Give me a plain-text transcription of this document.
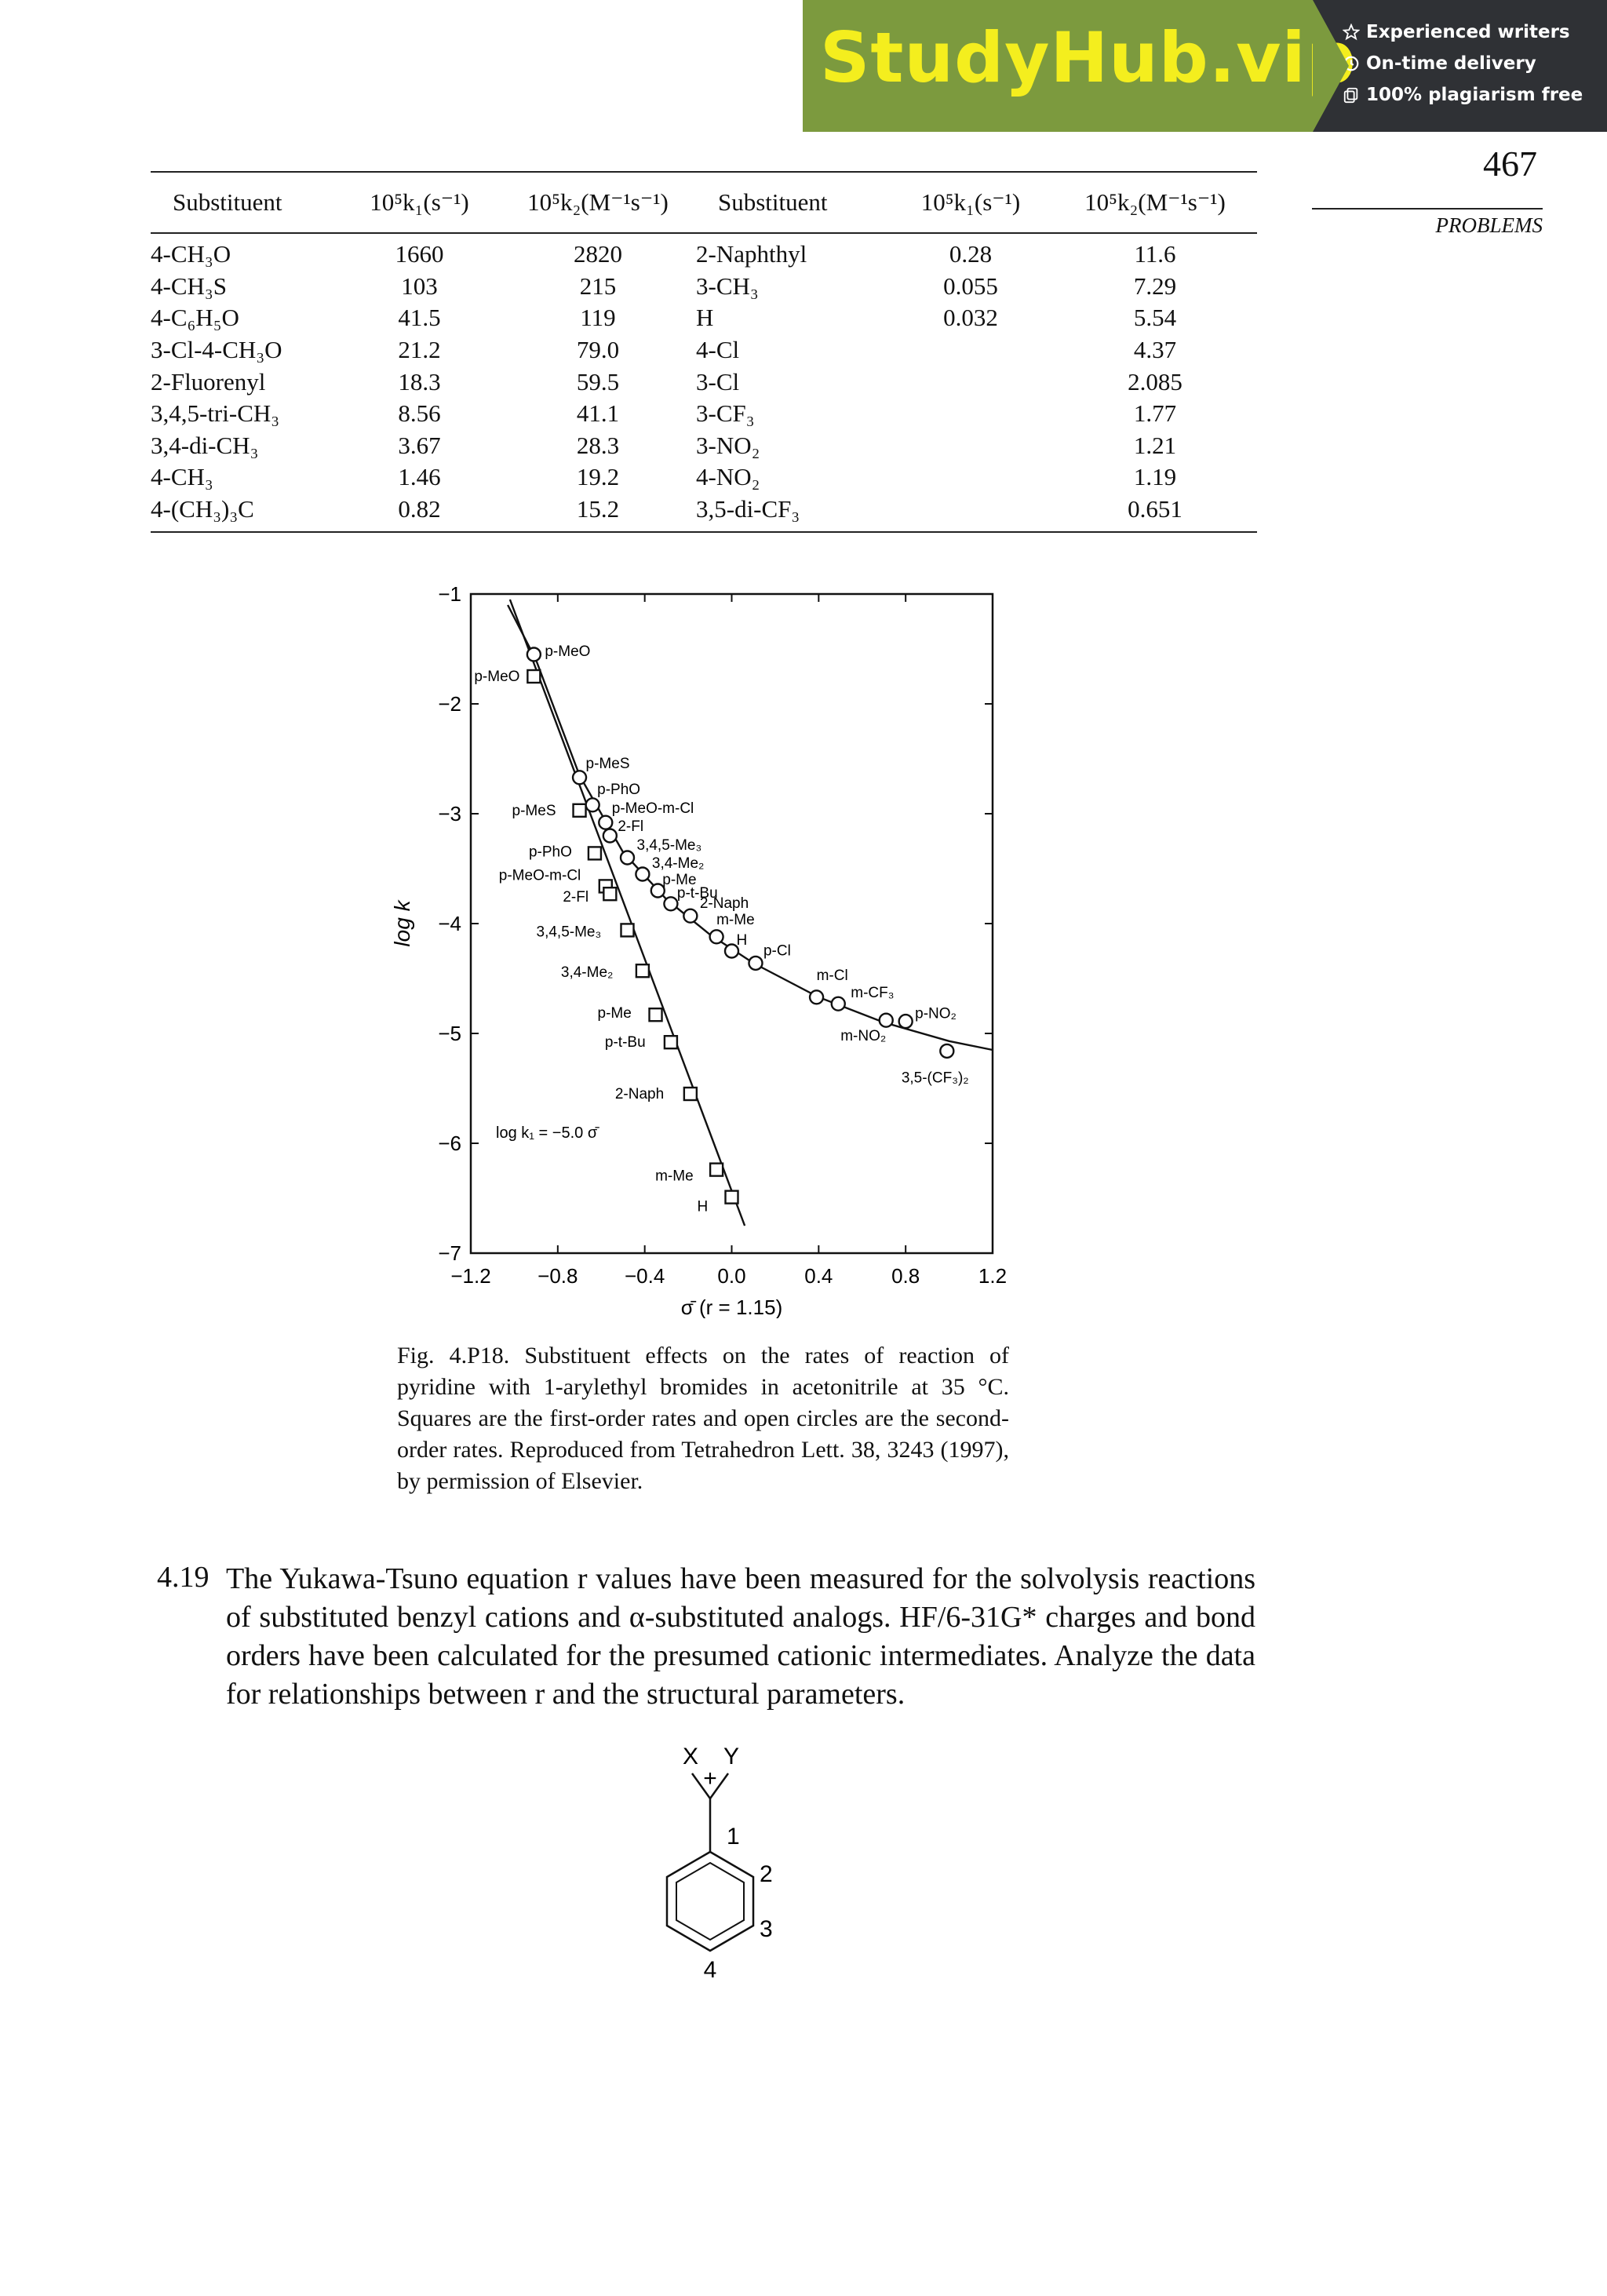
StudyHub.vip Experienced writers
On-time delivery
100% plagiarism free
467
PROBLEMS
Substituent	10⁵k₁(s⁻¹)	10⁵k₂(M⁻¹s⁻¹)	Substituent	10⁵k₁(s⁻¹)	10⁵k₂(M⁻¹s⁻¹)
4-CH₃O	1660	2820	2-Naphthyl	0.28	11.6
4-CH₃S	103	215	3-CH₃	0.055	7.29
4-C₆H₅O	41.5	119	H	0.032	5.54
3-Cl-4-CH₃O	21.2	79.0	4-Cl		4.37
2-Fluorenyl	18.3	59.5	3-Cl		2.085
3,4,5-tri-CH₃	8.56	41.1	3-CF₃		1.77
3,4-di-CH₃	3.67	28.3	3-NO₂		1.21
4-CH₃	1.46	19.2	4-NO₂		1.19
4-(CH₃)₃C	0.82	15.2	3,5-di-CF₃		0.651
−1
−2
−3
−4
−5
−6
−7
−1.2 −0.8 −0.4	0.0	0.4	0.8	1.2
σ̄ (r = 1.15)
log k
log k₁ = −5.0 σ̄
p-MeO
p-MeS
p-PhO
p-MeO-m-Cl
2-Fl
3,4,5-Me₃
3,4-Me₂
p-Me
p-t-Bu
2-Naph
m-Me
H
p-MeO
p-MeS
p-PhO
p-MeO-m-Cl
2-Fl
3,4,5-Me₃
3,4-Me₂
p-Me
p-t-Bu
2-Naph
m-Me
H
p-Cl
m-Cl
m-CF₃
m-NO₂
p-NO₂
3,5-(CF₃)₂
Fig. 4.P18. Substituent effects on the rates of reaction of pyridine with 1-arylethyl bromides in acetonitrile at 35 °C. Squares are the first-order rates and open circles are the second-order rates. Reproduced from Tetrahedron Lett. 38, 3243 (1997), by permission of Elsevier.
4.19 The Yukawa-Tsuno equation r values have been measured for the solvolysis reactions of substituted benzyl cations and α-substituted analogs. HF/6-31G* charges and bond orders have been calculated for the presumed cationic intermediates. Analyze the data for relationships between r and the structural parameters.
X Y
+
1
2
3
4
